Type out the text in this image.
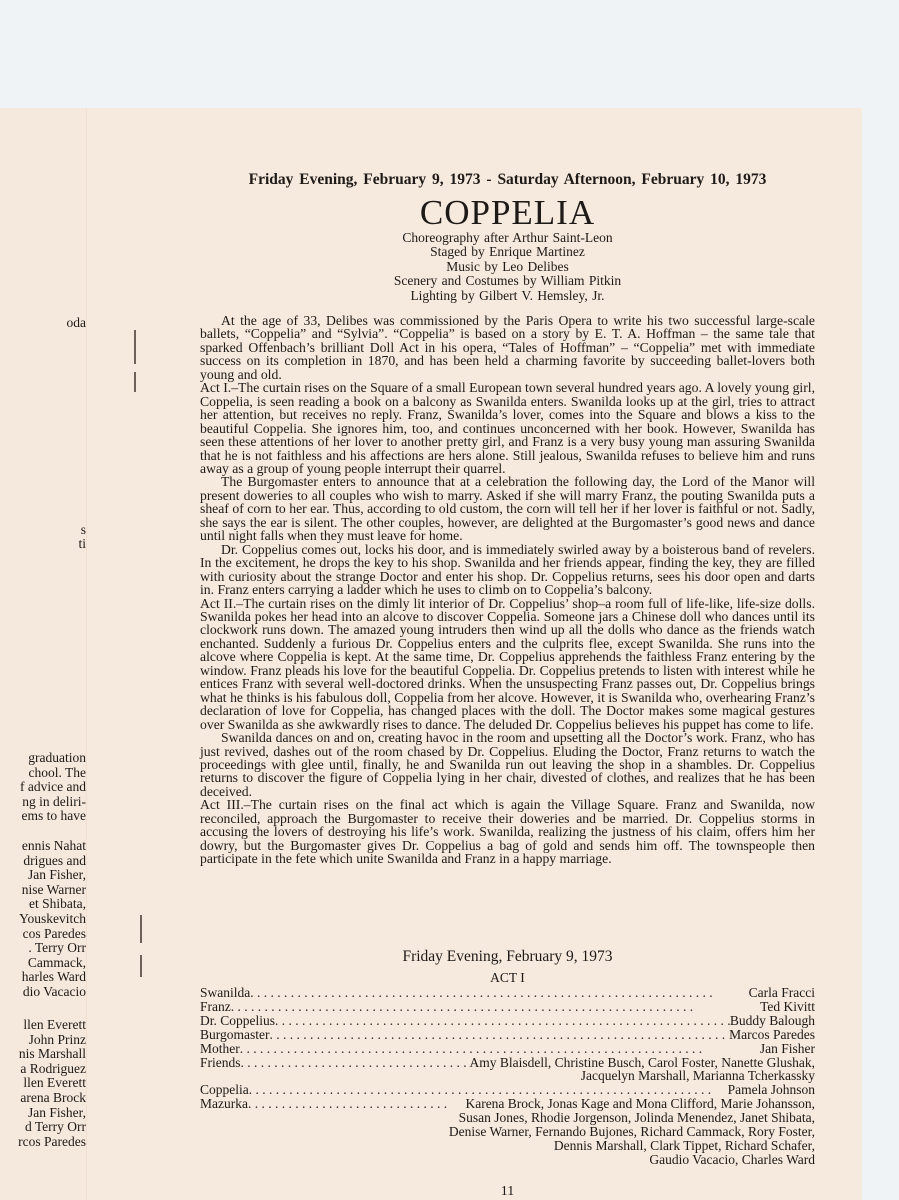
oda
s
ti
graduation
chool. The
f advice and
ng in deliri-
ems to have
ennis Nahat
drigues and
Jan Fisher,
nise Warner
et Shibata,
Youskevitch
cos Paredes
. Terry Orr
Cammack,
harles Ward
dio Vacacio
llen Everett
John Prinz
nis Marshall
a Rodriguez
llen Everett
arena Brock
Jan Fisher,
d Terry Orr
rcos Paredes
Friday Evening, February 9, 1973 - Saturday Afternoon, February 10, 1973
COPPELIA
Choreography after Arthur Saint-Leon
Staged by Enrique Martinez
Music by Leo Delibes
Scenery and Costumes by William Pitkin
Lighting by Gilbert V. Hemsley, Jr.

At the age of 33, Delibes was commissioned by the Paris Opera to write his two successful large-scale ballets, “Coppelia” and “Sylvia”. “Coppelia” is based on a story by E. T. A. Hoffman – the same tale that sparked Offenbach’s brilliant Doll Act in his opera, “Tales of Hoffman” – “Coppelia” met with immediate success on its completion in 1870, and has been held a charming favorite by succeeding ballet-lovers both young and old.

Act I.–The curtain rises on the Square of a small European town several hundred years ago. A lovely young girl, Coppelia, is seen reading a book on a balcony as Swanilda enters. Swanilda looks up at the girl, tries to attract her attention, but receives no reply. Franz, Swanilda’s lover, comes into the Square and blows a kiss to the beautiful Coppelia. She ignores him, too, and continues unconcerned with her book. However, Swanilda has seen these attentions of her lover to another pretty girl, and Franz is a very busy young man assuring Swanilda that he is not faithless and his affections are hers alone. Still jealous, Swanilda refuses to believe him and runs away as a group of young people interrupt their quarrel.

The Burgomaster enters to announce that at a celebration the following day, the Lord of the Manor will present doweries to all couples who wish to marry. Asked if she will marry Franz, the pouting Swanilda puts a sheaf of corn to her ear. Thus, according to old custom, the corn will tell her if her lover is faithful or not. Sadly, she says the ear is silent. The other couples, however, are delighted at the Burgomaster’s good news and dance until night falls when they must leave for home.

Dr. Coppelius comes out, locks his door, and is immediately swirled away by a boisterous band of revelers. In the excitement, he drops the key to his shop. Swanilda and her friends appear, finding the key, they are filled with curiosity about the strange Doctor and enter his shop. Dr. Coppelius returns, sees his door open and darts in. Franz enters carrying a ladder which he uses to climb on to Coppelia’s balcony.

Act II.–The curtain rises on the dimly lit interior of Dr. Coppelius’ shop–a room full of life-like, life-size dolls. Swanilda pokes her head into an alcove to discover Coppelia. Someone jars a Chinese doll who dances until its clockwork runs down. The amazed young intruders then wind up all the dolls who dance as the friends watch enchanted. Suddenly a furious Dr. Coppelius enters and the culprits flee, except Swanilda. She runs into the alcove where Coppelia is kept. At the same time, Dr. Coppelius apprehends the faithless Franz entering by the window. Franz pleads his love for the beautiful Coppelia. Dr. Coppelius pretends to listen with interest while he entices Franz with several well-doctored drinks. When the unsuspecting Franz passes out, Dr. Coppelius brings what he thinks is his fabulous doll, Coppelia from her alcove. However, it is Swanilda who, overhearing Franz’s declaration of love for Coppelia, has changed places with the doll. The Doctor makes some magical gestures over Swanilda as she awkwardly rises to dance. The deluded Dr. Coppelius believes his puppet has come to life.

Swanilda dances on and on, creating havoc in the room and upsetting all the Doctor’s work. Franz, who has just revived, dashes out of the room chased by Dr. Coppelius. Eluding the Doctor, Franz returns to watch the proceedings with glee until, finally, he and Swanilda run out leaving the shop in a shambles. Dr. Coppelius returns to discover the figure of Coppelia lying in her chair, divested of clothes, and realizes that he has been deceived.

Act III.–The curtain rises on the final act which is again the Village Square. Franz and Swanilda, now reconciled, approach the Burgomaster to receive their doweries and be married. Dr. Coppelius storms in accusing the lovers of destroying his life’s work. Swanilda, realizing the justness of his claim, offers him her dowry, but the Burgomaster gives Dr. Coppelius a bag of gold and sends him off. The townspeople then participate in the fete which unite Swanilda and Franz in a happy marriage.

Friday Evening, February 9, 1973
ACT I
Swanilda . . .	Carla Fracci
Franz . . .	Ted Kivitt
Dr. Coppelius . . .	Buddy Balough
Burgomaster . . .	Marcos Paredes
Mother . . .	Jan Fisher
Friends . . .	Amy Blaisdell, Christine Busch, Carol Foster, Nanette Glushak,
Jacquelyn Marshall, Marianna Tcherkassky
Coppelia . . .	Pamela Johnson
Mazurka . . .	Karena Brock, Jonas Kage and Mona Clifford, Marie Johansson,
Susan Jones, Rhodie Jorgenson, Jolinda Menendez, Janet Shibata,
Denise Warner, Fernando Bujones, Richard Cammack, Rory Foster,
Dennis Marshall, Clark Tippet, Richard Schafer,
Gaudio Vacacio, Charles Ward
11
